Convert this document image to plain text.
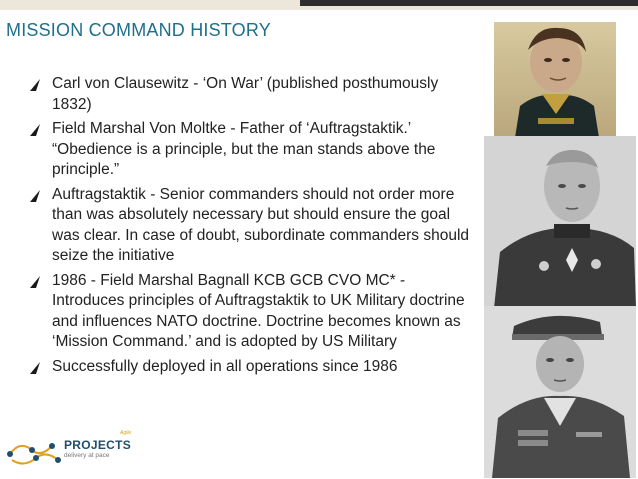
MISSION COMMAND HISTORY
Carl von Clausewitz - ‘On War’ (published posthumously 1832)
Field Marshal Von Moltke - Father of ‘Auftragstaktik.’ “Obedience is a principle, but the man stands above the principle.”
Auftragstaktik - Senior commanders should not order more than was absolutely necessary but should ensure the goal was clear. In case of doubt, subordinate commanders should seize the initiative
1986 - Field Marshal Bagnall KCB GCB CVO MC* - Introduces principles of Auftragstaktik to UK Military doctrine and influences NATO doctrine. Doctrine becomes known as ‘Mission Command.’ and is adopted by US Military
Successfully deployed in all operations since 1986
Agile
PROJECTS
delivery at pace
